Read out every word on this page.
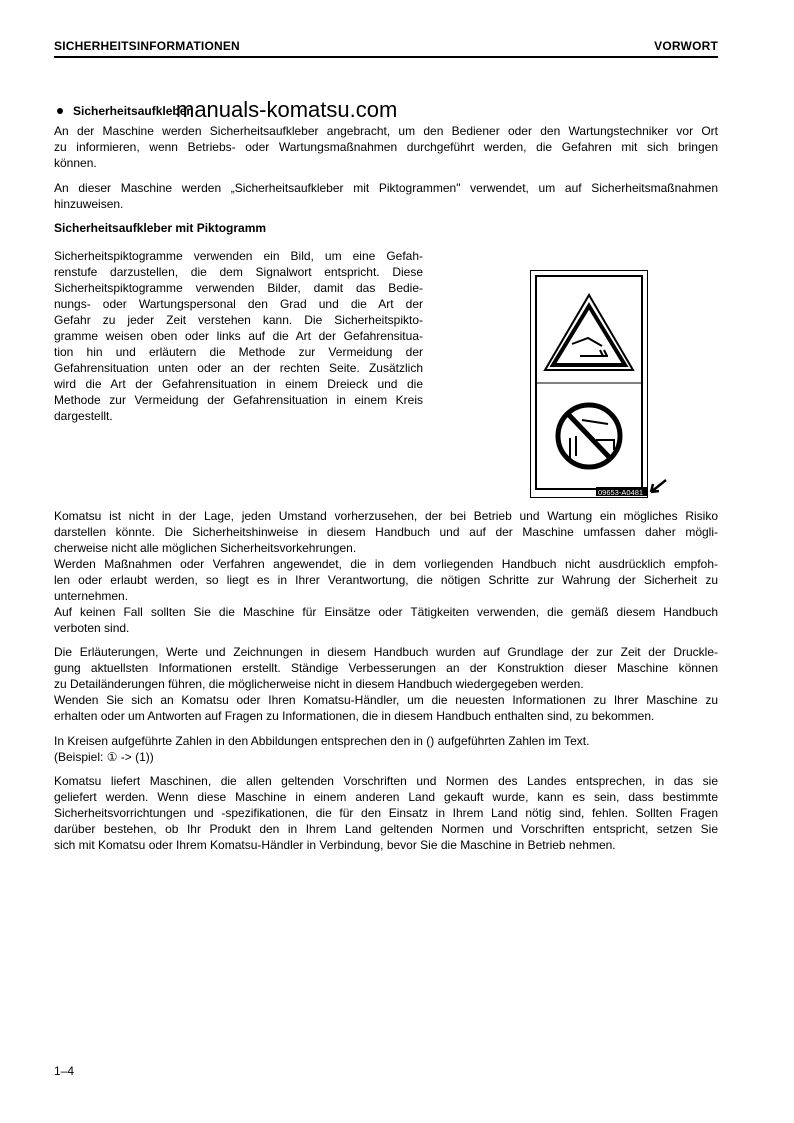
SICHERHEITSINFORMATIONEN	VORWORT
Sicherheitsaufkleber
manuals-komatsu.com
An der Maschine werden Sicherheitsaufkleber angebracht, um den Bediener oder den Wartungstechniker vor Ort
zu informieren, wenn Betriebs- oder Wartungsmaßnahmen durchgeführt werden, die Gefahren mit sich bringen
können.
An dieser Maschine werden „Sicherheitsaufkleber mit Piktogrammen" verwendet, um auf Sicherheitsmaßnahmen
hinzuweisen.
Sicherheitsaufkleber mit Piktogramm
Sicherheitspiktogramme verwenden ein Bild, um eine Gefah-
renstufe darzustellen, die dem Signalwort entspricht. Diese
Sicherheitspiktogramme verwenden Bilder, damit das Bedie-
nungs- oder Wartungspersonal den Grad und die Art der
Gefahr zu jeder Zeit verstehen kann. Die Sicherheitspikto-
gramme weisen oben oder links auf die Art der Gefahrensitua-
tion hin und erläutern die Methode zur Vermeidung der
Gefahrensituation unten oder an der rechten Seite. Zusätzlich
wird die Art der Gefahrensituation in einem Dreieck und die
Methode zur Vermeidung der Gefahrensituation in einem Kreis
dargestellt.
09653-A0481
Komatsu ist nicht in der Lage, jeden Umstand vorherzusehen, der bei Betrieb und Wartung ein mögliches Risiko
darstellen könnte. Die Sicherheitshinweise in diesem Handbuch und auf der Maschine umfassen daher mögli-
cherweise nicht alle möglichen Sicherheitsvorkehrungen.
Werden Maßnahmen oder Verfahren angewendet, die in dem vorliegenden Handbuch nicht ausdrücklich empfoh-
len oder erlaubt werden, so liegt es in Ihrer Verantwortung, die nötigen Schritte zur Wahrung der Sicherheit zu
unternehmen.
Auf keinen Fall sollten Sie die Maschine für Einsätze oder Tätigkeiten verwenden, die gemäß diesem Handbuch
verboten sind.
Die Erläuterungen, Werte und Zeichnungen in diesem Handbuch wurden auf Grundlage der zur Zeit der Druckle-
gung aktuellsten Informationen erstellt. Ständige Verbesserungen an der Konstruktion dieser Maschine können
zu Detailänderungen führen, die möglicherweise nicht in diesem Handbuch wiedergegeben werden.
Wenden Sie sich an Komatsu oder Ihren Komatsu-Händler, um die neuesten Informationen zu Ihrer Maschine zu
erhalten oder um Antworten auf Fragen zu Informationen, die in diesem Handbuch enthalten sind, zu bekommen.
In Kreisen aufgeführte Zahlen in den Abbildungen entsprechen den in () aufgeführten Zahlen im Text.
(Beispiel: ① -> (1))
Komatsu liefert Maschinen, die allen geltenden Vorschriften und Normen des Landes entsprechen, in das sie
geliefert werden. Wenn diese Maschine in einem anderen Land gekauft wurde, kann es sein, dass bestimmte
Sicherheitsvorrichtungen und -spezifikationen, die für den Einsatz in Ihrem Land nötig sind, fehlen. Sollten Fragen
darüber bestehen, ob Ihr Produkt den in Ihrem Land geltenden Normen und Vorschriften entspricht, setzen Sie
sich mit Komatsu oder Ihrem Komatsu-Händler in Verbindung, bevor Sie die Maschine in Betrieb nehmen.
1–4
